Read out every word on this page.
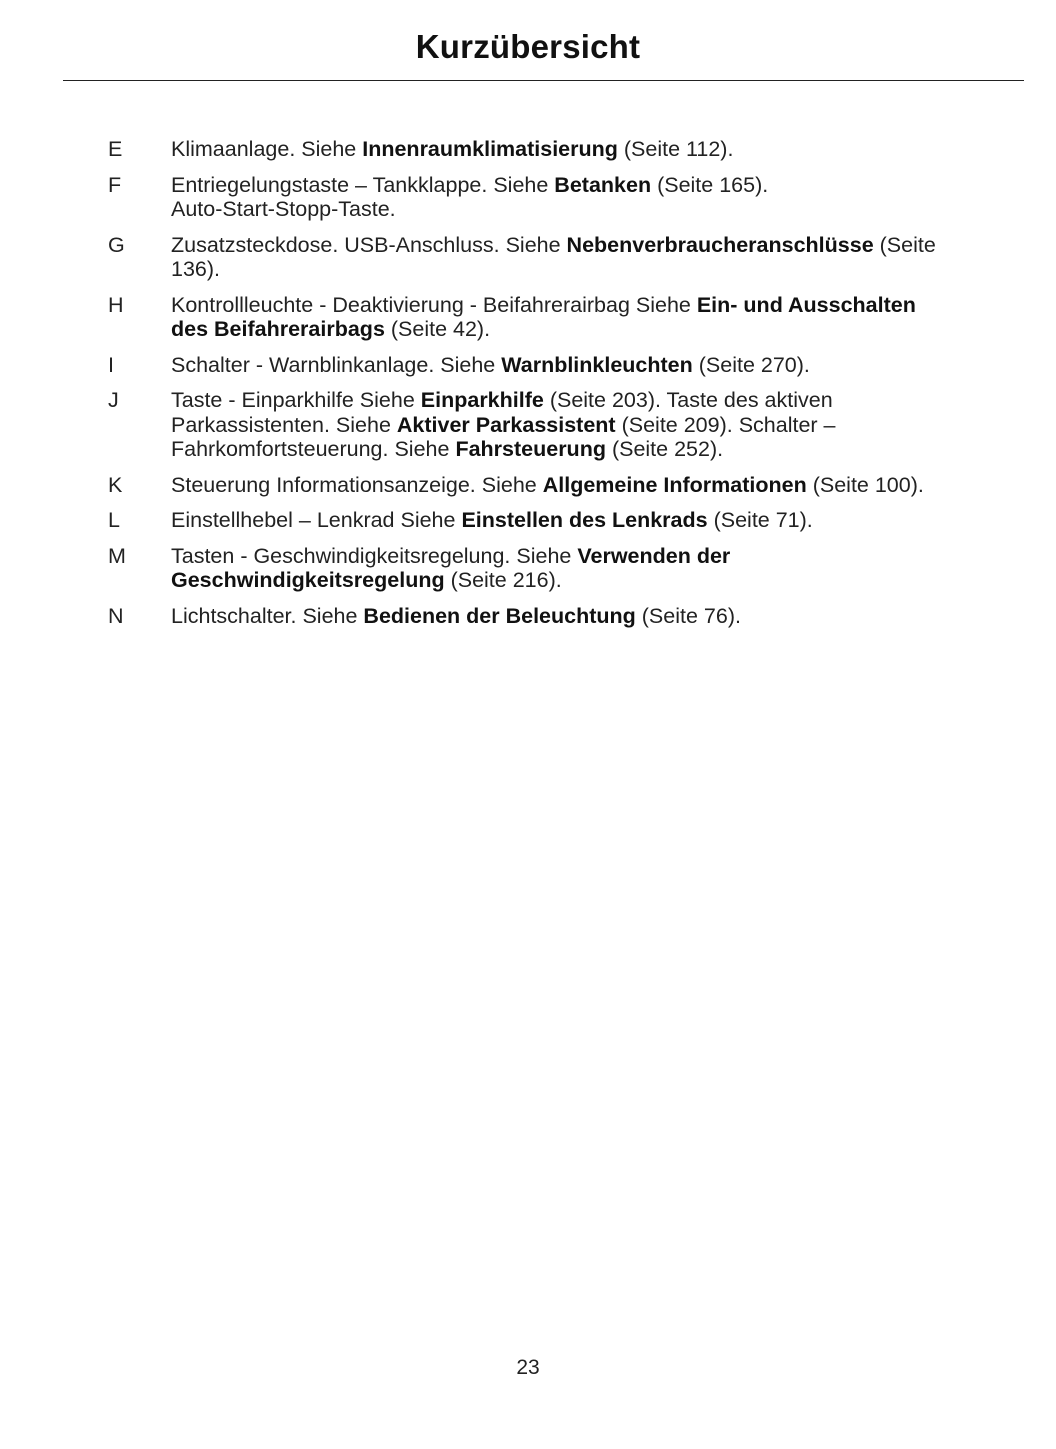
Kurzübersicht
E	Klimaanlage. Siehe Innenraumklimatisierung (Seite 112).
F	Entriegelungstaste – Tankklappe. Siehe Betanken (Seite 165).
Auto-Start-Stopp-Taste.
G	Zusatzsteckdose. USB-Anschluss. Siehe Nebenverbraucheranschlüsse (Seite
136).
H	Kontrollleuchte - Deaktivierung - Beifahrerairbag Siehe Ein- und Ausschalten
des Beifahrerairbags (Seite 42).
I	Schalter - Warnblinkanlage. Siehe Warnblinkleuchten (Seite 270).
J	Taste - Einparkhilfe Siehe Einparkhilfe (Seite 203). Taste des aktiven
Parkassistenten. Siehe Aktiver Parkassistent (Seite 209). Schalter –
Fahrkomfortsteuerung. Siehe Fahrsteuerung (Seite 252).
K	Steuerung Informationsanzeige. Siehe Allgemeine Informationen (Seite 100).
L	Einstellhebel – Lenkrad Siehe Einstellen des Lenkrads (Seite 71).
M	Tasten - Geschwindigkeitsregelung. Siehe Verwenden der
Geschwindigkeitsregelung (Seite 216).
N	Lichtschalter. Siehe Bedienen der Beleuchtung (Seite 76).
23
